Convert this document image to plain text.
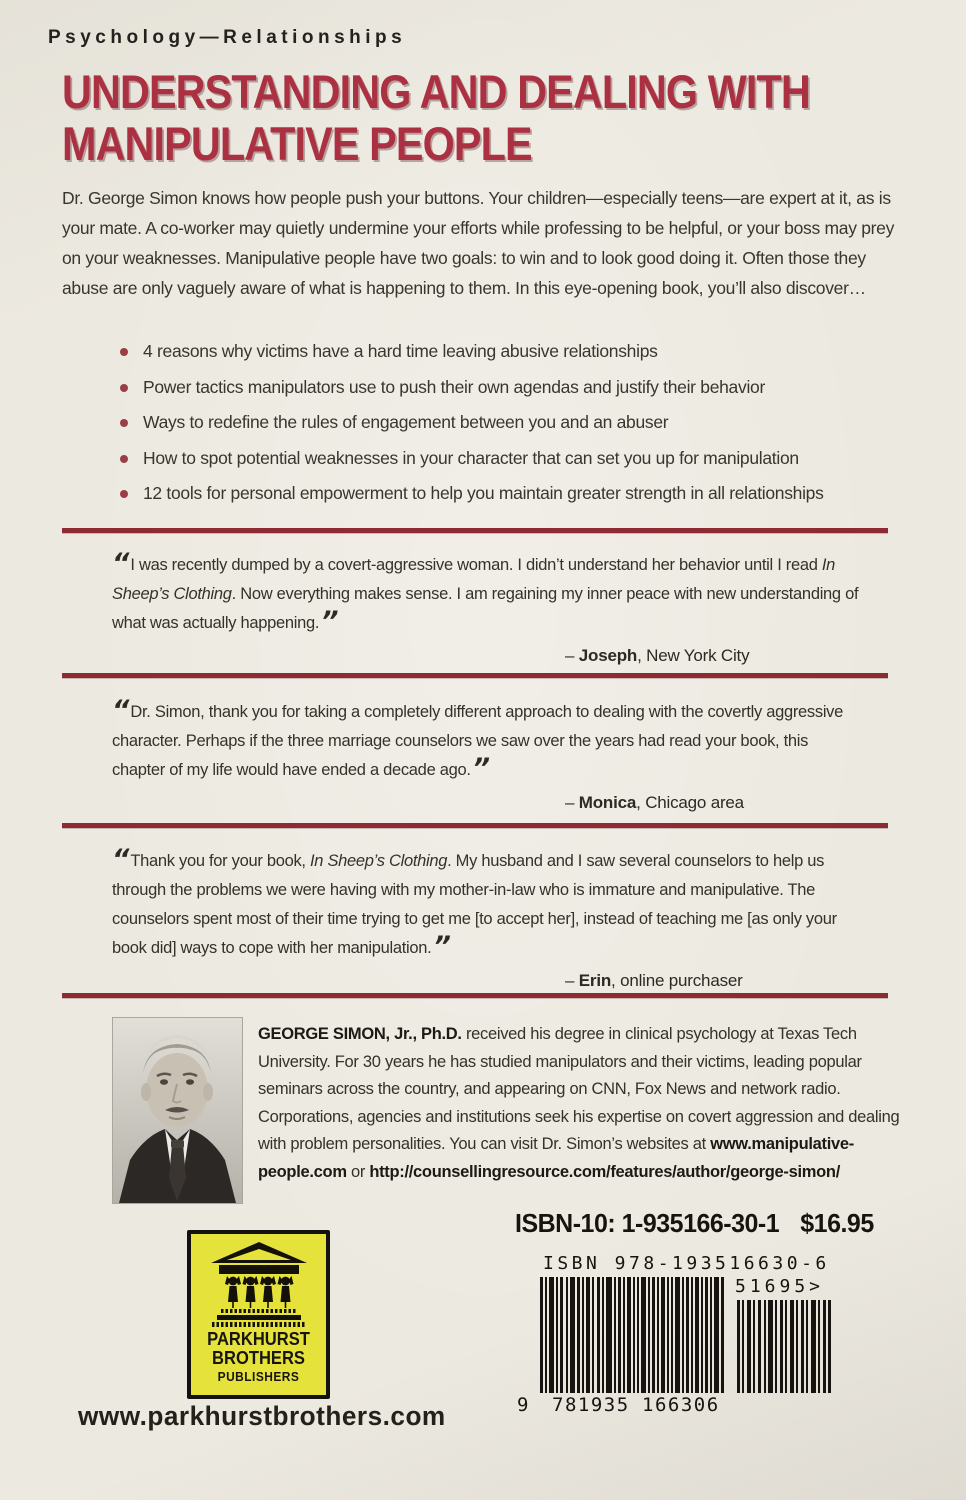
Psychology—Relationships
UNDERSTANDING AND DEALING WITH
MANIPULATIVE PEOPLE
Dr. George Simon knows how people push your buttons. Your children—especially teens—are expert at it, as is your mate. A co-worker may quietly undermine your efforts while professing to be helpful, or your boss may prey on your weaknesses. Manipulative people have two goals: to win and to look good doing it. Often those they abuse are only vaguely aware of what is happening to them. In this eye-opening book, you’ll also discover…
4 reasons why victims have a hard time leaving abusive relationships
Power tactics manipulators use to push their own agendas and justify their behavior
Ways to redefine the rules of engagement between you and an abuser
How to spot potential weaknesses in your character that can set you up for manipulation
12 tools for personal empowerment to help you maintain greater strength in all relationships
“ I was recently dumped by a covert-aggressive woman. I didn’t understand her behavior until I read In Sheep’s Clothing. Now everything makes sense. I am regaining my inner peace with new understanding of what was actually happening.”
– Joseph, New York City
“ Dr. Simon, thank you for taking a completely different approach to dealing with the covertly aggressive character. Perhaps if the three marriage counselors we saw over the years had read your book, this chapter of my life would have ended a decade ago.”
– Monica, Chicago area
“ Thank you for your book, In Sheep’s Clothing. My husband and I saw several counselors to help us through the problems we were having with my mother-in-law who is immature and manipulative. The counselors spent most of their time trying to get me [to accept her], instead of teaching me [as only your book did] ways to cope with her manipulation.”
– Erin, online purchaser
GEORGE SIMON, Jr., Ph.D. received his degree in clinical psychology at Texas Tech University. For 30 years he has studied manipulators and their victims, leading popular seminars across the country, and appearing on CNN, Fox News and network radio. Corporations, agencies and institutions seek his expertise on covert aggression and dealing with problem personalities. You can visit Dr. Simon’s websites at www.manipulative-people.com or http://counsellingresource.com/features/author/george-simon/
ISBN-10: 1-935166-30-1 $16.95
ISBN 978-193516630-6
51695>
9 781935 166306
PARKHURST
BROTHERS
PUBLISHERS
www.parkhurstbrothers.com
